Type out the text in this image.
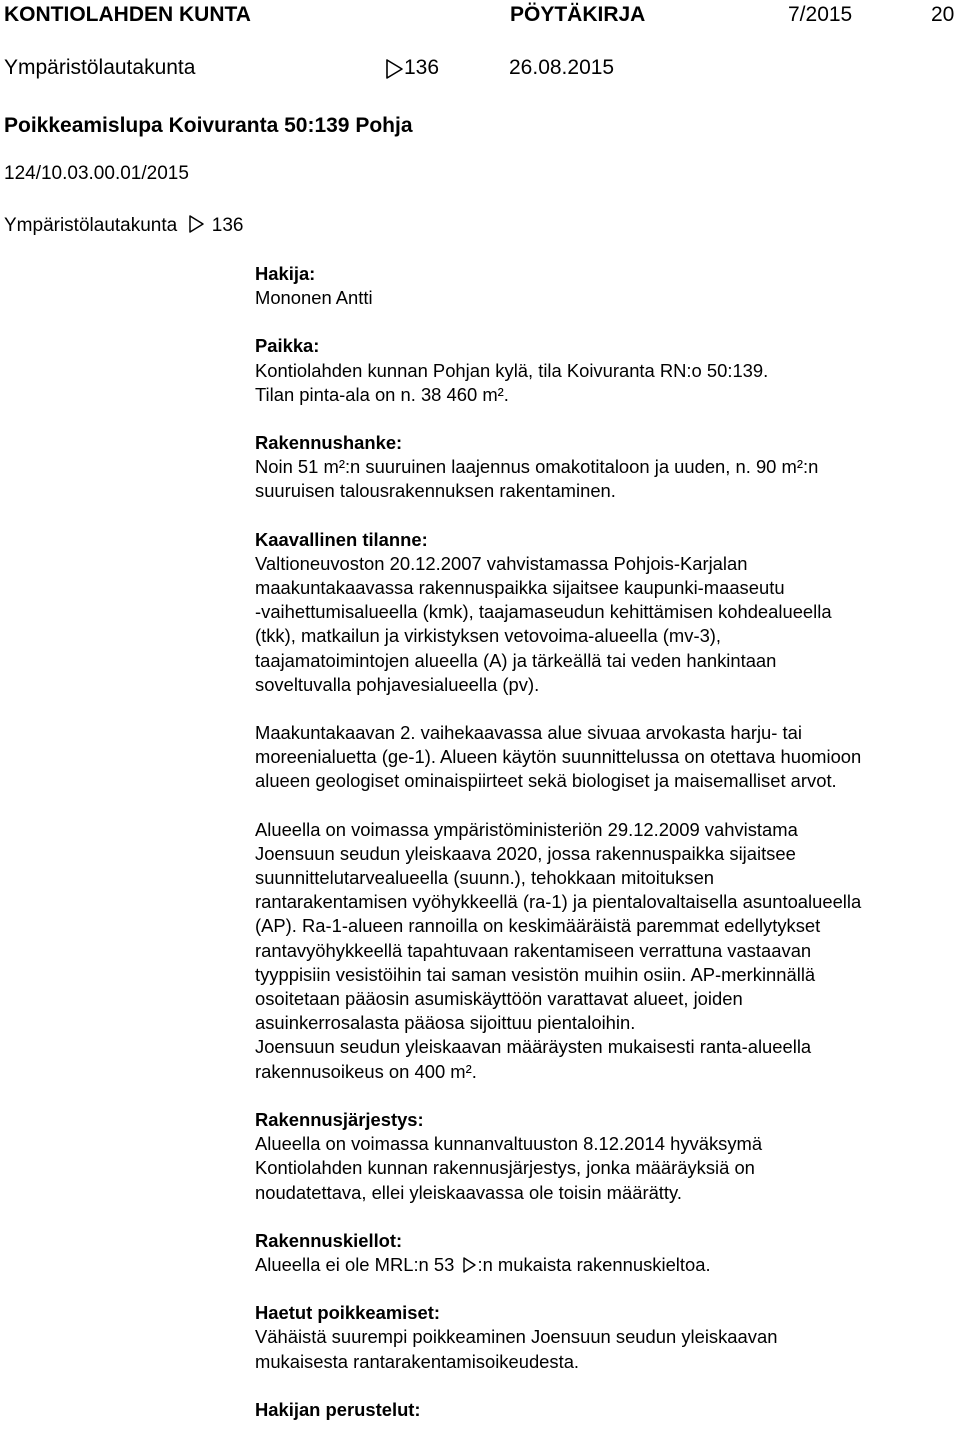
KONTIOLAHDEN KUNTA	PÖYTÄKIRJA	7/2015	20
Ympäristölautakunta	136	26.08.2015
Poikkeamislupa Koivuranta 50:139 Pohja
124/10.03.00.01/2015
Ympäristölautakunta 136
Hakija:

Mononen Antti

Paikka:

Kontiolahden kunnan Pohjan kylä, tila Koivuranta RN:o 50:139.

Tilan pinta-ala on n. 38 460 m².

Rakennushanke:

Noin 51 m²:n suuruinen laajennus omakotitaloon ja uuden, n. 90 m²:n

suuruisen talousrakennuksen rakentaminen.

Kaavallinen tilanne:

Valtioneuvoston 20.12.2007 vahvistamassa Pohjois-Karjalan

maakuntakaavassa rakennuspaikka sijaitsee kaupunki-maaseutu

-vaihettumisalueella (kmk), taajamaseudun kehittämisen kohdealueella

(tkk), matkailun ja virkistyksen vetovoima-alueella (mv-3),

taajamatoimintojen alueella (A) ja tärkeällä tai veden hankintaan

soveltuvalla pohjavesialueella (pv).

Maakuntakaavan 2. vaihekaavassa alue sivuaa arvokasta harju- tai

moreenialuetta (ge-1). Alueen käytön suunnittelussa on otettava huomioon

alueen geologiset ominaispiirteet sekä biologiset ja maisemalliset arvot.

Alueella on voimassa ympäristöministeriön 29.12.2009 vahvistama

Joensuun seudun yleiskaava 2020, jossa rakennuspaikka sijaitsee

suunnittelutarvealueella (suunn.), tehokkaan mitoituksen

rantarakentamisen vyöhykkeellä (ra-1) ja pientalovaltaisella asuntoalueella

(AP). Ra-1-alueen rannoilla on keskimääräistä paremmat edellytykset

rantavyöhykkeellä tapahtuvaan rakentamiseen verrattuna vastaavan

tyyppisiin vesistöihin tai saman vesistön muihin osiin. AP-merkinnällä

osoitetaan pääosin asumiskäyttöön varattavat alueet, joiden

asuinkerrosalasta pääosa sijoittuu pientaloihin.

Joensuun seudun yleiskaavan määräysten mukaisesti ranta-alueella

rakennusoikeus on 400 m².

Rakennusjärjestys:

Alueella on voimassa kunnanvaltuuston 8.12.2014 hyväksymä

Kontiolahden kunnan rakennusjärjestys, jonka määräyksiä on

noudatettava, ellei yleiskaavassa ole toisin määrätty.

Rakennuskiellot:

Alueella ei ole MRL:n 53 :n mukaista rakennuskieltoa.

Haetut poikkeamiset:

Vähäistä suurempi poikkeaminen Joensuun seudun yleiskaavan

mukaisesta rantarakentamisoikeudesta.

Hakijan perustelut:
